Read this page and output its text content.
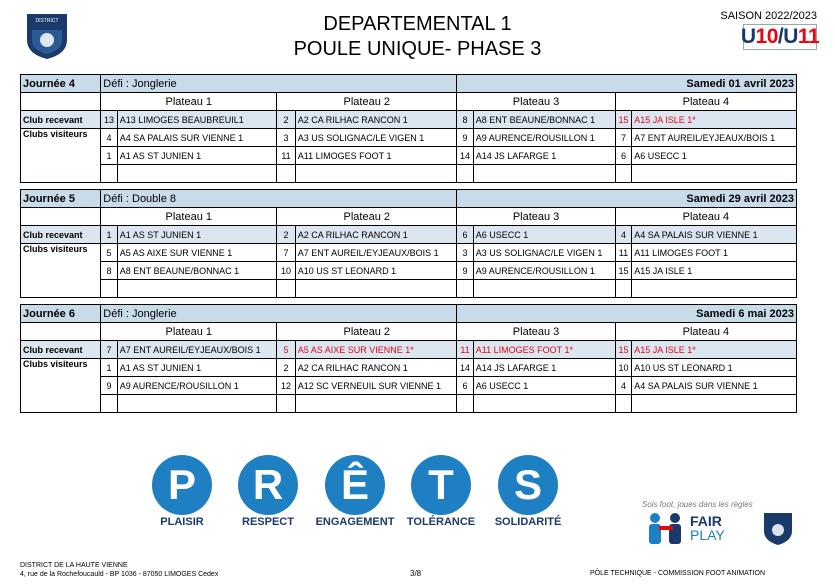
DISTRICT	DEPARTEMENTAL 1
POULE UNIQUE- PHASE 3
SAISON 2022/2023
U 10 / U 11
Journée 4	Défi : Jonglerie				Samedi 01 avril 2023			
	Plateau 1		Plateau 2		Plateau 3		Plateau 4	
Club recevant	13	A13 LIMOGES BEAUBREUIL1	2	A2 CA RILHAC RANCON 1	8	A8 ENT BEAUNE/BONNAC 1	15	A15 JA ISLE 1*
Clubs visiteurs	4	A4 SA PALAIS SUR VIENNE 1	3	A3 US SOLIGNAC/LE VIGEN 1	9	A9 AURENCE/ROUSILLON 1	7	A7 ENT AUREIL/EYJEAUX/BOIS 1
	1	A1 AS ST JUNIEN 1	11	A11 LIMOGES FOOT 1	14	A14 JS LAFARGE 1	6	A6 USECC 1

Journée 5	Défi : Double 8				Samedi 29 avril 2023			
	Plateau 1		Plateau 2		Plateau 3		Plateau 4	
Club recevant	1	A1 AS ST JUNIEN 1	2	A2 CA RILHAC RANCON 1	6	A6 USECC 1	4	A4 SA PALAIS SUR VIENNE 1
Clubs visiteurs	5	A5 AS AIXE SUR VIENNE 1	7	A7 ENT AUREIL/EYJEAUX/BOIS 1	3	A3 US SOLIGNAC/LE VIGEN 1	11	A11 LIMOGES FOOT 1
	8	A8 ENT BEAUNE/BONNAC 1	10	A10 US ST LEONARD 1	9	A9 AURENCE/ROUSILLON 1	15	A15 JA ISLE 1

Journée 6	Défi : Jonglerie				Samedi 6 mai 2023			
	Plateau 1		Plateau 2		Plateau 3		Plateau 4	
Club recevant	7	A7 ENT AUREIL/EYJEAUX/BOIS 1	5	A5 AS AIXE SUR VIENNE 1*	11	A11 LIMOGES FOOT 1*	15	A15 JA ISLE 1*
Clubs visiteurs	1	A1 AS ST JUNIEN 1	2	A2 CA RILHAC RANCON 1	14	A14 JS LAFARGE 1	10	A10 US ST LEONARD 1
	9	A9 AURENCE/ROUSILLON 1	12	A12 SC VERNEUIL SUR VIENNE 1	6	A6 USECC 1	4	A4 SA PALAIS SUR VIENNE 1

P
PLAISIR
R
RESPECT
Ê
ENGAGEMENT
T
TOLÉRANCE
S
SOLIDARITÉ
Sois foot, joues dans les règles
FAIR
PLAY
DISTRICT DE LA HAUTE VIENNE
4, rue de la Rochefoucauld - BP 1036 - 87050 LIMOGES Cedex	3/8	PÔLE TECHNIQUE - COMMISSION FOOT ANIMATION
